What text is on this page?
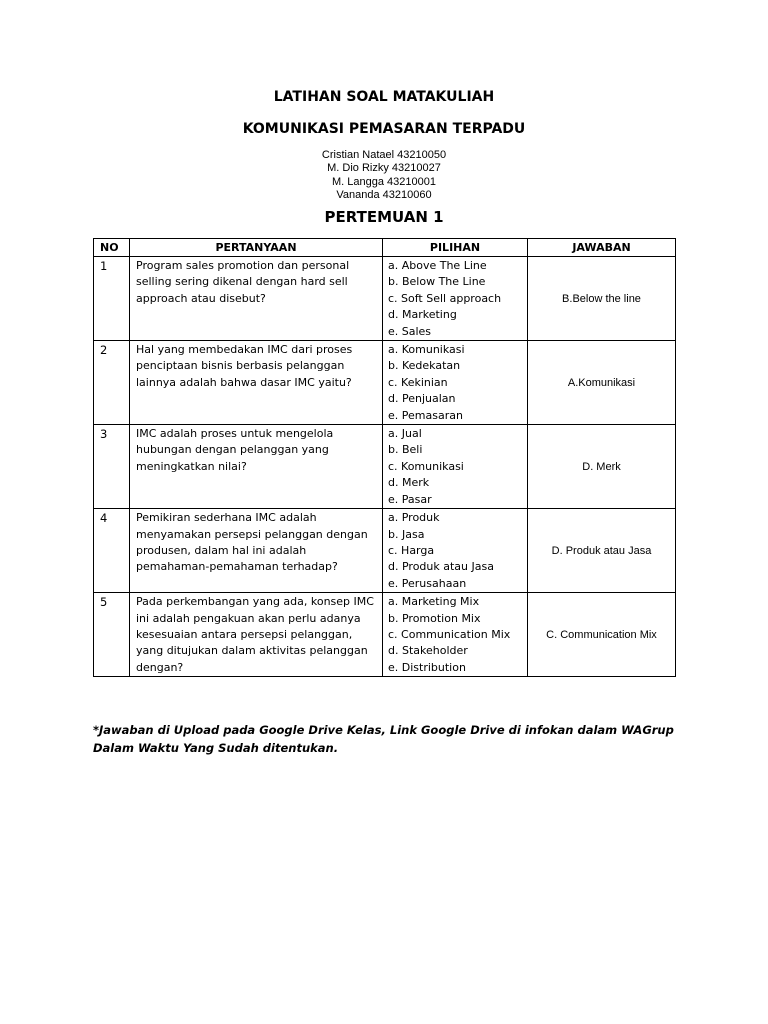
LATIHAN SOAL MATAKULIAH
KOMUNIKASI PEMASARAN TERPADU
Cristian Natael 43210050
M. Dio Rizky 43210027
M. Langga 43210001
Vananda 43210060
PERTEMUAN 1
NO	PERTANYAAN	PILIHAN	JAWABAN
1	Program sales promotion dan personal selling sering dikenal dengan hard sell approach atau disebut?	a. Above The Line
b. Below The Line
c. Soft Sell approach
d. Marketing
e. Sales	B.Below the line
2	Hal yang membedakan IMC dari proses penciptaan bisnis berbasis pelanggan lainnya adalah bahwa dasar IMC yaitu?	a. Komunikasi
b. Kedekatan
c. Kekinian
d. Penjualan
e. Pemasaran	A.Komunikasi
3	IMC adalah proses untuk mengelola hubungan dengan pelanggan yang meningkatkan nilai?	a. Jual
b. Beli
c. Komunikasi
d. Merk
e. Pasar	D. Merk
4	Pemikiran sederhana IMC adalah menyamakan persepsi pelanggan dengan produsen, dalam hal ini adalah pemahaman-pemahaman terhadap?	a. Produk
b. Jasa
c. Harga
d. Produk atau Jasa
e. Perusahaan	D. Produk atau Jasa
5	Pada perkembangan yang ada, konsep IMC ini adalah pengakuan akan perlu adanya kesesuaian antara persepsi pelanggan, yang ditujukan dalam aktivitas pelanggan dengan?	a. Marketing Mix
b. Promotion Mix
c. Communication Mix
d. Stakeholder
e. Distribution	C. Communication Mix
*Jawaban di Upload pada Google Drive Kelas, Link Google Drive di infokan dalam WAGrup Dalam Waktu Yang Sudah ditentukan.
